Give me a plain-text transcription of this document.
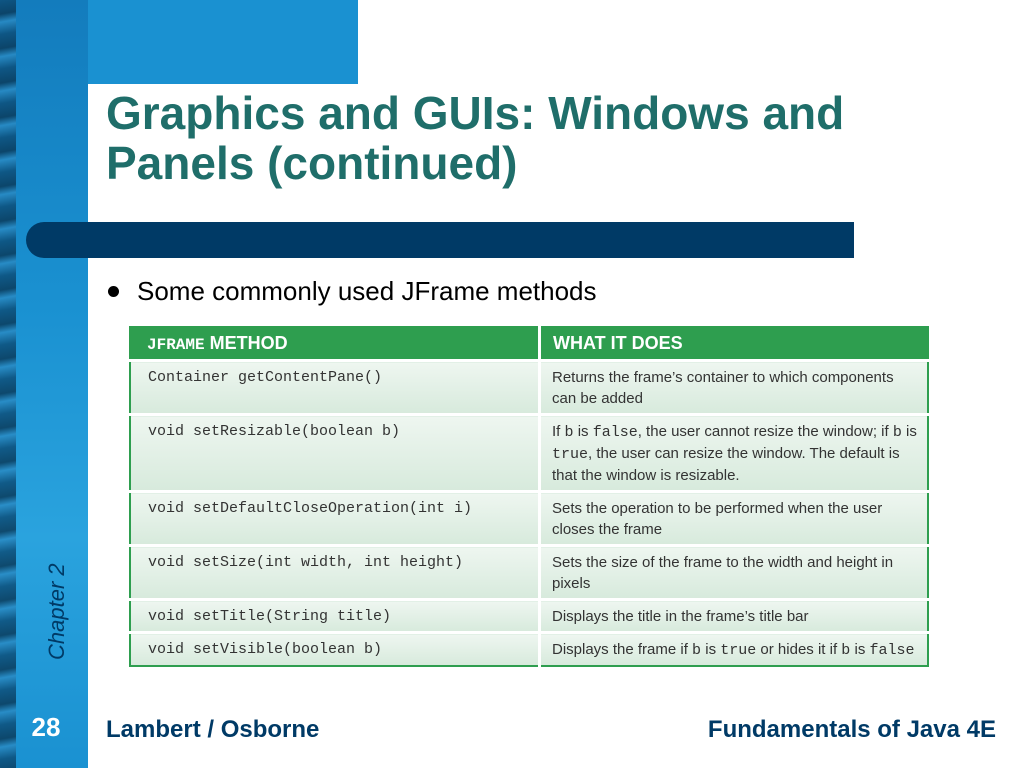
Graphics and GUIs: Windows and Panels (continued)
Some commonly used JFrame methods
JFRAME METHOD	WHAT IT DOES
Container getContentPane()	Returns the frame’s container to which components can be added
void setResizable(boolean b)	If b is false, the user cannot resize the window; if b is true, the user can resize the window. The default is that the window is resizable.
void setDefaultCloseOperation(int i)	Sets the operation to be performed when the user closes the frame
void setSize(int width, int height)	Sets the size of the frame to the width and height in pixels
void setTitle(String title)	Displays the title in the frame’s title bar
void setVisible(boolean b)	Displays the frame if b is true or hides it if b is false
Chapter 2
28	Lambert / Osborne	Fundamentals of Java 4E
